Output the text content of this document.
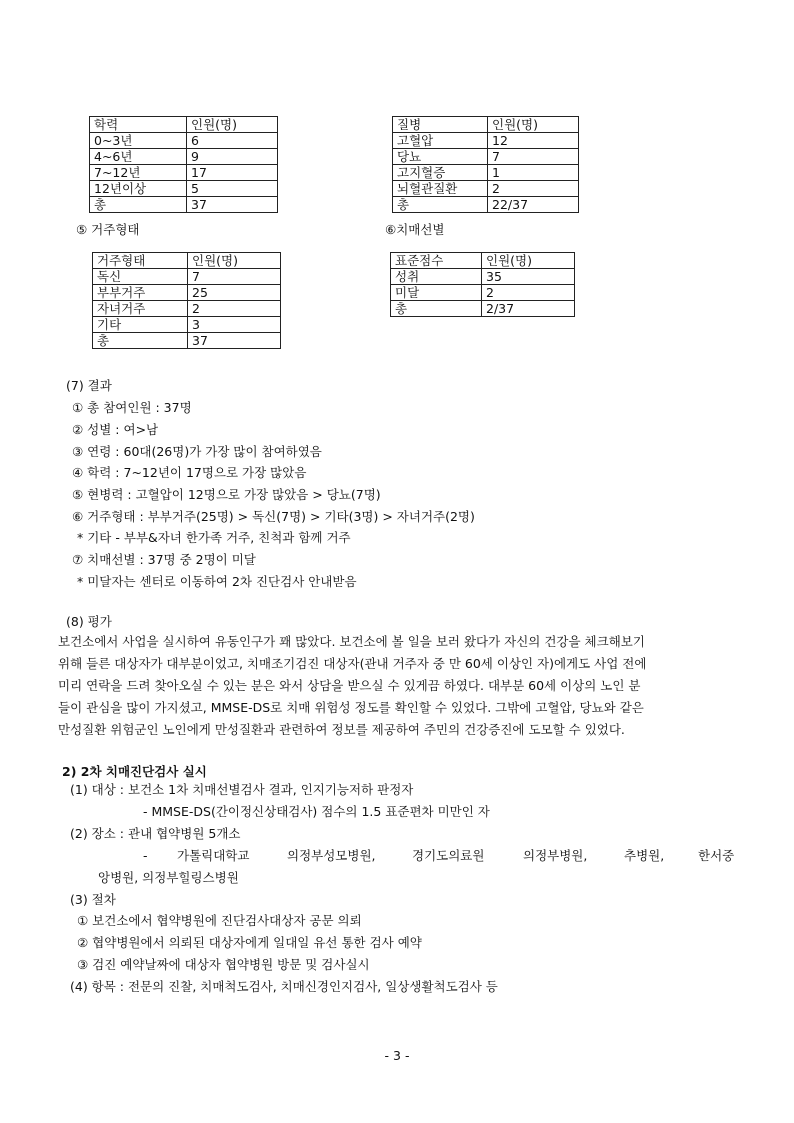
학력	인원(명)
0~3년	6
4~6년	9
7~12년	17
12년이상	5
총	37
질병	인원(명)
고혈압	12
당뇨	7
고지혈증	1
뇌혈관질환	2
총	22/37
⑤ 거주형태	⑥치매선별
거주형태	인원(명)
독신	7
부부거주	25
자녀거주	2
기타	3
총	37
표준점수	인원(명)
성취	35
미달	2
총	2/37
(7) 결과
① 총 참여인원 : 37명
② 성별 : 여>남
③ 연령 : 60대(26명)가 가장 많이 참여하였음
④ 학력 : 7~12년이 17명으로 가장 많았음
⑤ 현병력 : 고혈압이 12명으로 가장 많았음 > 당뇨(7명)
⑥ 거주형태 : 부부거주(25명) > 독신(7명) > 기타(3명) > 자녀거주(2명)
* 기타 - 부부&자녀 한가족 거주, 친척과 함께 거주
⑦ 치매선별 : 37명 중 2명이 미달
* 미달자는 센터로 이동하여 2차 진단검사 안내받음
(8) 평가
보건소에서 사업을 실시하여 유동인구가 꽤 많았다. 보건소에 볼 일을 보러 왔다가 자신의 건강을 체크해보기
위해 들른 대상자가 대부분이었고, 치매조기검진 대상자(관내 거주자 중 만 60세 이상인 자)에게도 사업 전에
미리 연락을 드려 찾아오실 수 있는 분은 와서 상담을 받으실 수 있게끔 하였다. 대부분 60세 이상의 노인 분
들이 관심을 많이 가지셨고, MMSE-DS로 치매 위험성 정도를 확인할 수 있었다. 그밖에 고혈압, 당뇨와 같은
만성질환 위험군인 노인에게 만성질환과 관련하여 정보를 제공하여 주민의 건강증진에 도모할 수 있었다.
2) 2차 치매진단검사 실시
(1) 대상 : 보건소 1차 치매선별검사 결과, 인지기능저하 판정자
- MMSE-DS(간이정신상태검사) 점수의 1.5 표준편차 미만인 자
(2) 장소 : 관내 협약병원 5개소
- 가톨릭대학교	의정부성모병원,	경기도의료원	의정부병원,	추병원,	한서중
앙병원, 의정부힐링스병원
(3) 절차
① 보건소에서 협약병원에 진단검사대상자 공문 의뢰
② 협약병원에서 의뢰된 대상자에게 일대일 유선 통한 검사 예약
③ 검진 예약날짜에 대상자 협약병원 방문 및 검사실시
(4) 항목 : 전문의 진찰, 치매척도검사, 치매신경인지검사, 일상생활척도검사 등
- 3 -
